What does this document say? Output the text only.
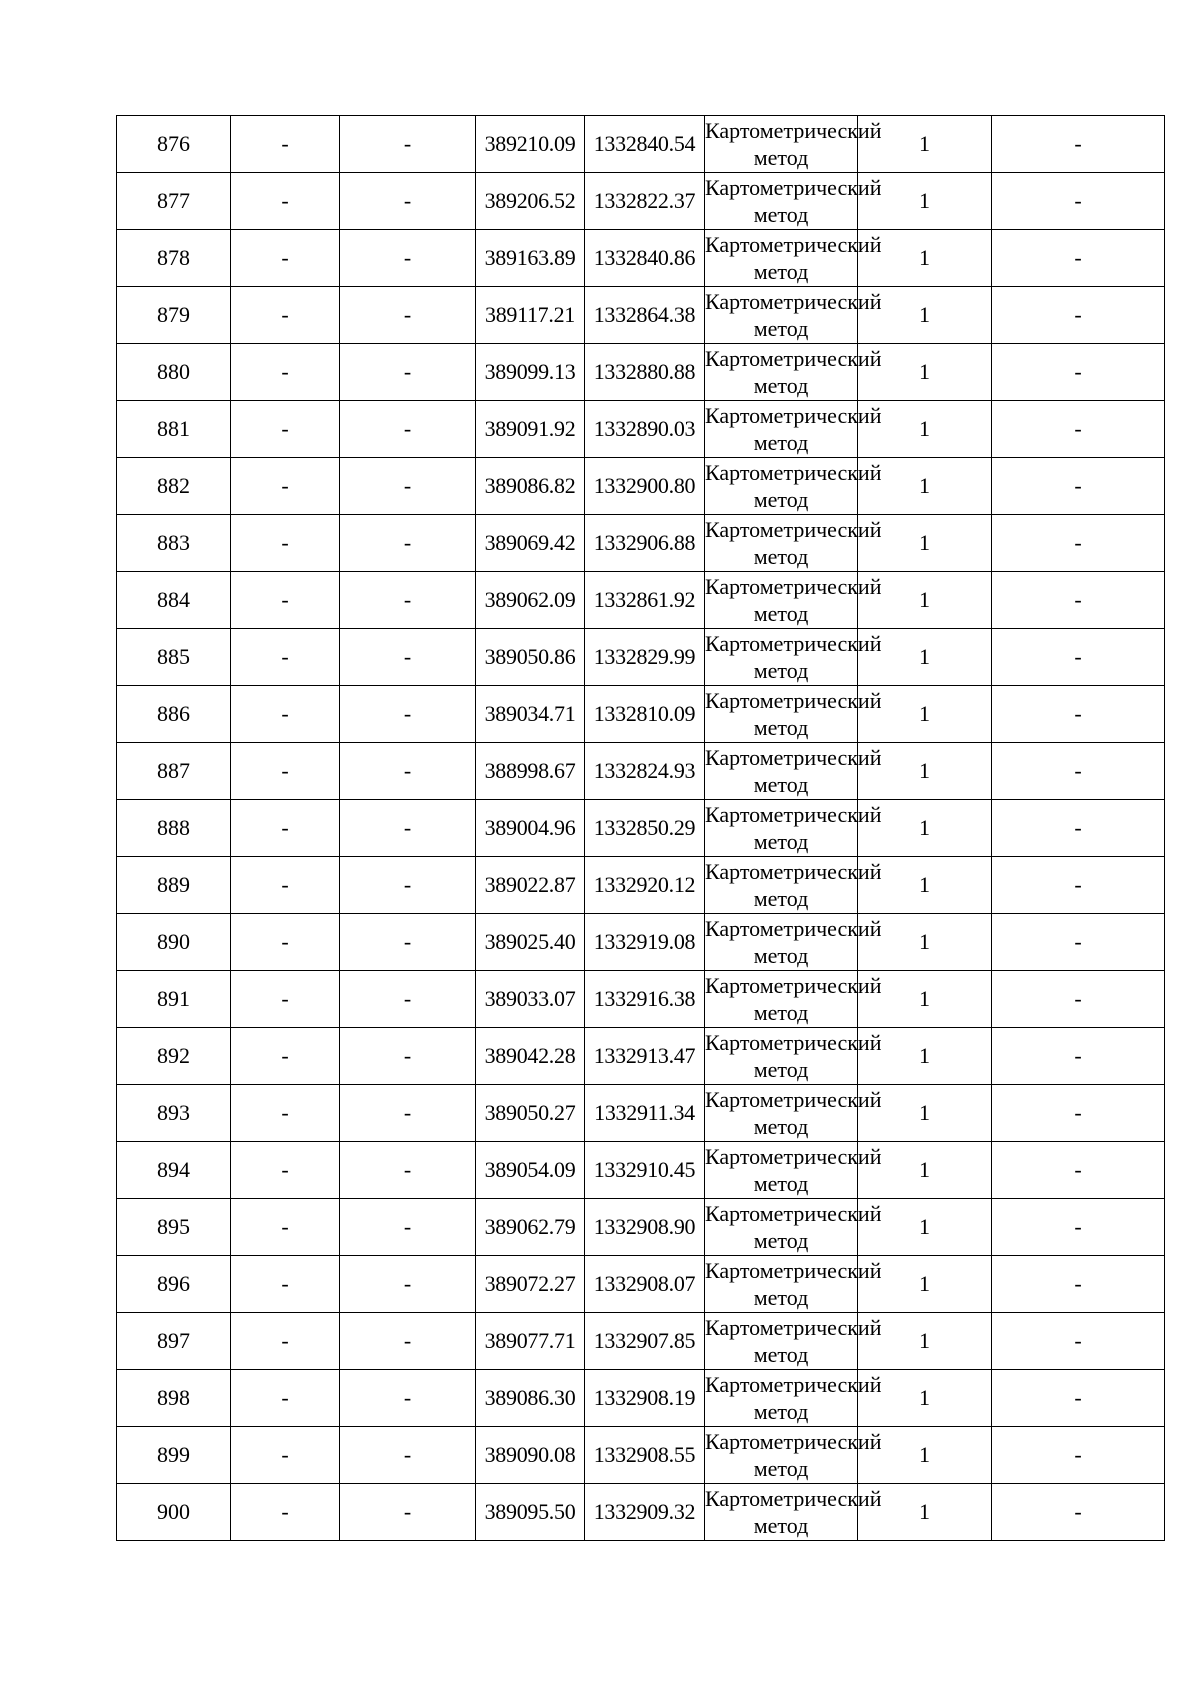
876	-	-	389210.09	1332840.54	Картометрический метод	1	-
877	-	-	389206.52	1332822.37	Картометрический метод	1	-
878	-	-	389163.89	1332840.86	Картометрический метод	1	-
879	-	-	389117.21	1332864.38	Картометрический метод	1	-
880	-	-	389099.13	1332880.88	Картометрический метод	1	-
881	-	-	389091.92	1332890.03	Картометрический метод	1	-
882	-	-	389086.82	1332900.80	Картометрический метод	1	-
883	-	-	389069.42	1332906.88	Картометрический метод	1	-
884	-	-	389062.09	1332861.92	Картометрический метод	1	-
885	-	-	389050.86	1332829.99	Картометрический метод	1	-
886	-	-	389034.71	1332810.09	Картометрический метод	1	-
887	-	-	388998.67	1332824.93	Картометрический метод	1	-
888	-	-	389004.96	1332850.29	Картометрический метод	1	-
889	-	-	389022.87	1332920.12	Картометрический метод	1	-
890	-	-	389025.40	1332919.08	Картометрический метод	1	-
891	-	-	389033.07	1332916.38	Картометрический метод	1	-
892	-	-	389042.28	1332913.47	Картометрический метод	1	-
893	-	-	389050.27	1332911.34	Картометрический метод	1	-
894	-	-	389054.09	1332910.45	Картометрический метод	1	-
895	-	-	389062.79	1332908.90	Картометрический метод	1	-
896	-	-	389072.27	1332908.07	Картометрический метод	1	-
897	-	-	389077.71	1332907.85	Картометрический метод	1	-
898	-	-	389086.30	1332908.19	Картометрический метод	1	-
899	-	-	389090.08	1332908.55	Картометрический метод	1	-
900	-	-	389095.50	1332909.32	Картометрический метод	1	-
